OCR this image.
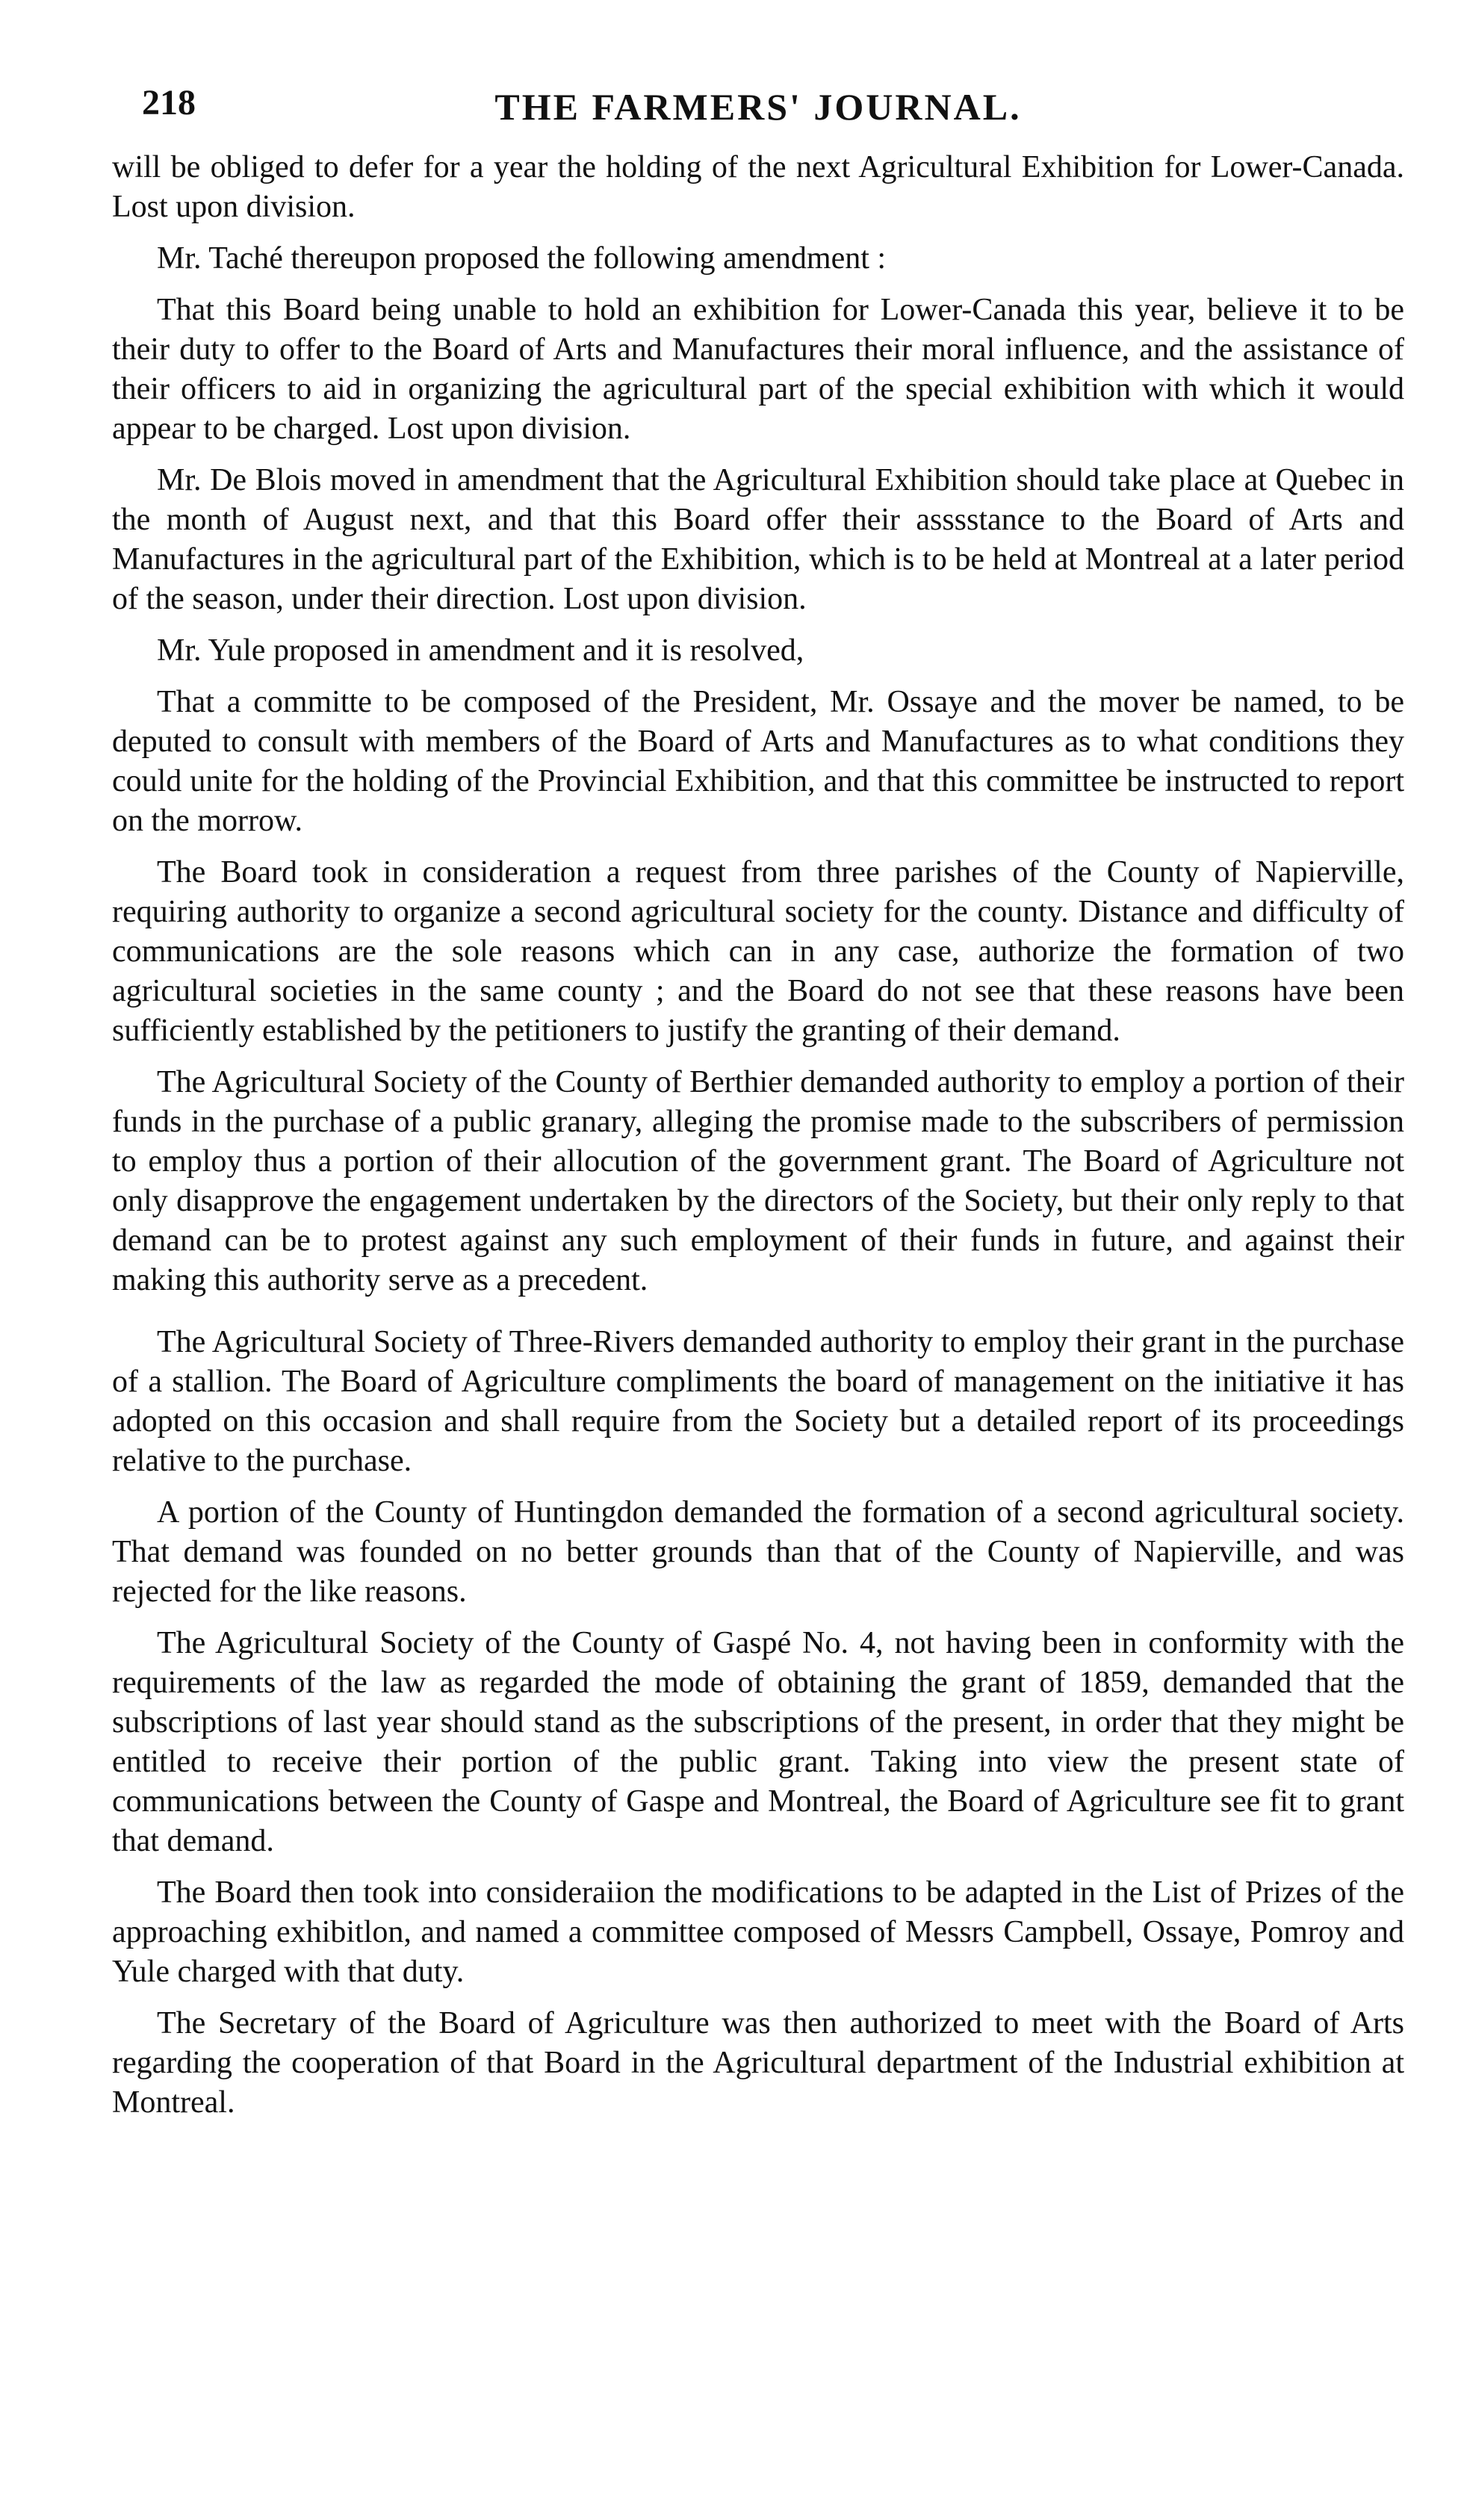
218	THE FARMERS' JOURNAL.

will be obliged to defer for a year the holding of the next Agricultural Exhibition for Lower-Canada. Lost upon division.

Mr. Taché thereupon proposed the following amendment :

That this Board being unable to hold an exhibition for Lower-Canada this year, believe it to be their duty to offer to the Board of Arts and Manufactures their moral influence, and the assistance of their officers to aid in organizing the agricultural part of the special exhibition with which it would appear to be charged. Lost upon division.

Mr. De Blois moved in amendment that the Agricultural Exhibition should take place at Quebec in the month of August next, and that this Board offer their asssstance to the Board of Arts and Manufactures in the agricultural part of the Exhibition, which is to be held at Montreal at a later period of the season, under their direction. Lost upon division.

Mr. Yule proposed in amendment and it is resolved,

That a committe to be composed of the President, Mr. Ossaye and the mover be named, to be deputed to consult with members of the Board of Arts and Manufactures as to what conditions they could unite for the holding of the Provincial Exhibition, and that this committee be instructed to report on the morrow.

The Board took in consideration a request from three parishes of the County of Napierville, requiring authority to organize a second agricultural society for the county. Distance and difficulty of communications are the sole reasons which can in any case, authorize the formation of two agricultural societies in the same county ; and the Board do not see that these reasons have been sufficiently established by the petitioners to justify the granting of their demand.

The Agricultural Society of the County of Berthier demanded authority to employ a portion of their funds in the purchase of a public granary, alleging the promise made to the subscribers of permission to employ thus a portion of their allocution of the government grant. The Board of Agriculture not only disapprove the engagement undertaken by the directors of the Society, but their only reply to that demand can be to protest against any such employment of their funds in future, and against their making this authority serve as a precedent.

The Agricultural Society of Three-Rivers demanded authority to employ their grant in the purchase of a stallion. The Board of Agriculture compliments the board of management on the initiative it has adopted on this occasion and shall require from the Society but a detailed report of its proceedings relative to the purchase.

A portion of the County of Huntingdon demanded the formation of a second agricultural society. That demand was founded on no better grounds than that of the County of Napierville, and was rejected for the like reasons.

The Agricultural Society of the County of Gaspé No. 4, not having been in conformity with the requirements of the law as regarded the mode of obtaining the grant of 1859, demanded that the subscriptions of last year should stand as the subscriptions of the present, in order that they might be entitled to receive their portion of the public grant. Taking into view the present state of communications between the County of Gaspe and Montreal, the Board of Agriculture see fit to grant that demand.

The Board then took into consideraiion the modifications to be adapted in the List of Prizes of the approaching exhibitlon, and named a committee composed of Messrs Campbell, Ossaye, Pomroy and Yule charged with that duty.

The Secretary of the Board of Agriculture was then authorized to meet with the Board of Arts regarding the cooperation of that Board in the Agricultural department of the Industrial exhibition at Montreal.
